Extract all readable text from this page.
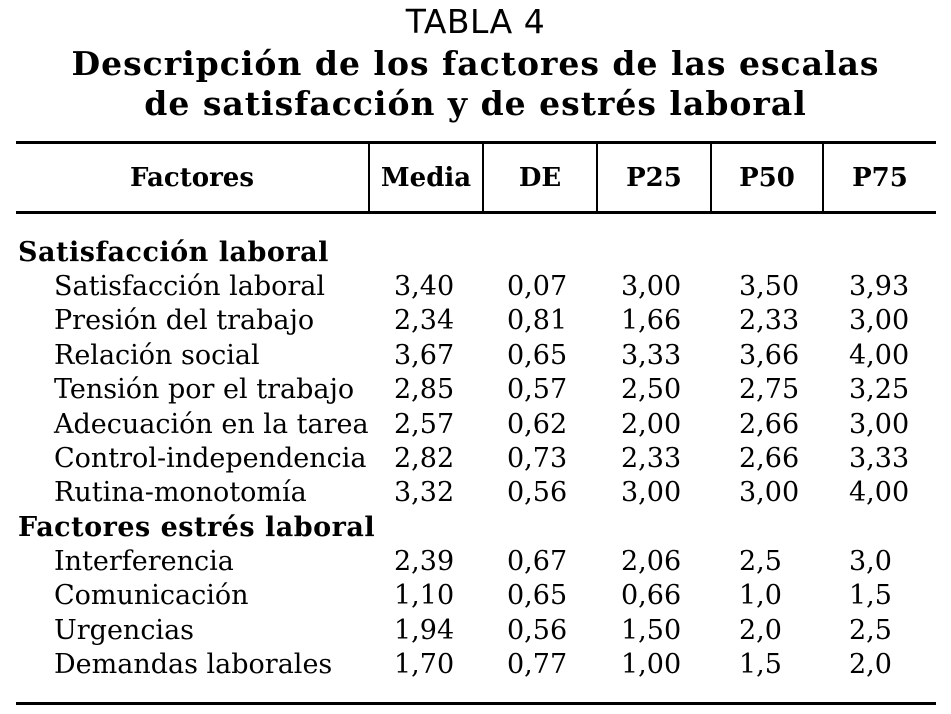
TABLA 4
Descripción de los factores de las escalas
de satisfacción y de estrés laboral
Factores	Media	DE	P25	P50	P75
Satisfacción laboral
Satisfacción laboral	3,40 0,07 3,00 3,50 3,93
Presión del trabajo	2,34 0,81 1,66 2,33 3,00
Relación social	3,67 0,65 3,33 3,66 4,00
Tensión por el trabajo 2,85 0,57 2,50 2,75 3,25
Adecuación en la tarea 2,57 0,62 2,00 2,66 3,00
Control-independencia 2,82 0,73 2,33 2,66 3,33
Rutina-monotomía	3,32 0,56 3,00 3,00 4,00
Factores estrés laboral
Interferencia	2,39 0,67 2,06 2,5 3,0
Comunicación	1,10 0,65 0,66 1,0 1,5
Urgencias	1,94 0,56 1,50 2,0 2,5
Demandas laborales 1,70 0,77 1,00 1,5 2,0
